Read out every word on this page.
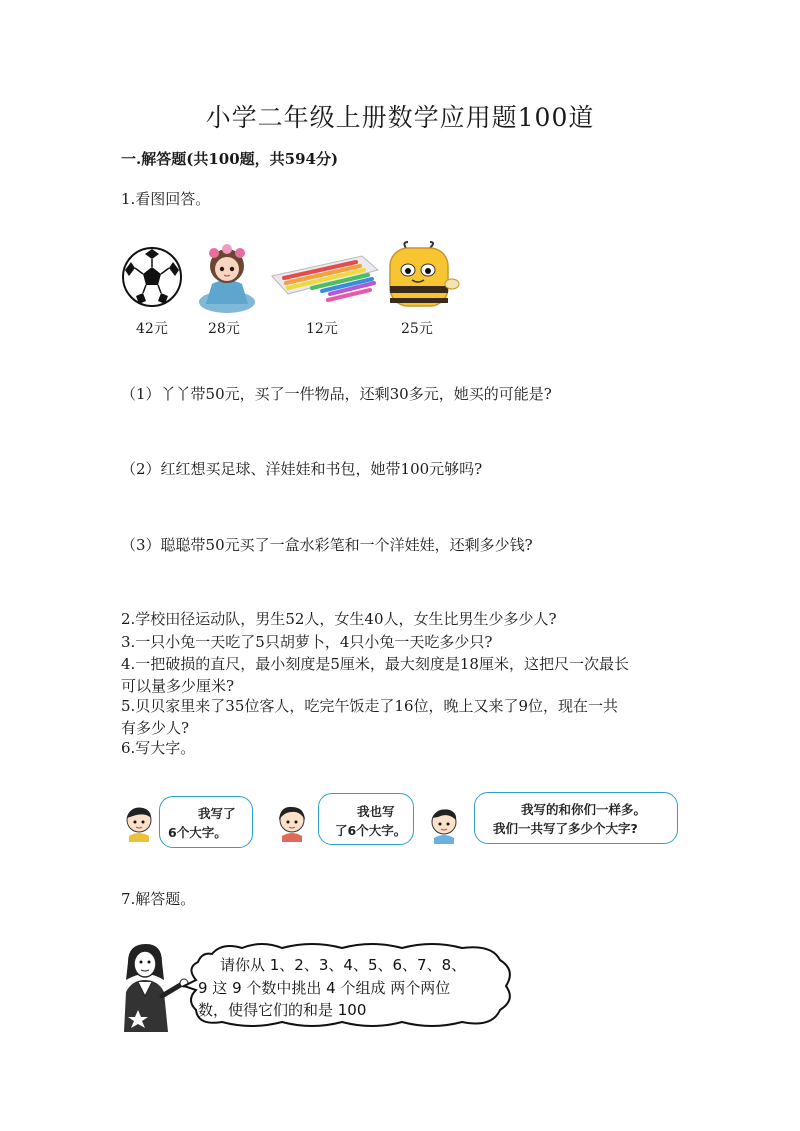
小学二年级上册数学应用题100道
一.解答题(共100题，共594分)
1.看图回答。
42元	28元	12元	25元
（1）丫丫带50元，买了一件物品，还剩30多元，她买的可能是?
（2）红红想买足球、洋娃娃和书包，她带100元够吗?
（3）聪聪带50元买了一盒水彩笔和一个洋娃娃，还剩多少钱?
2.学校田径运动队，男生52人，女生40人，女生比男生少多少人?
3.一只小兔一天吃了5只胡萝卜，4只小兔一天吃多少只?
4.一把破损的直尺，最小刻度是5厘米，最大刻度是18厘米，这把尺一次最长
可以量多少厘米?
5.贝贝家里来了35位客人，吃完午饭走了16位，晚上又来了9位，现在一共
有多少人?
6.写大字。
我写了
6个大字。
我也写
了6个大字。
我写的和你们一样多。
我们一共写了多少个大字?
7.解答题。
请你从 1、2、3、4、5、6、7、8、
9 这 9 个数中挑出 4 个组成 两个两位
数，使得它们的和是 100
